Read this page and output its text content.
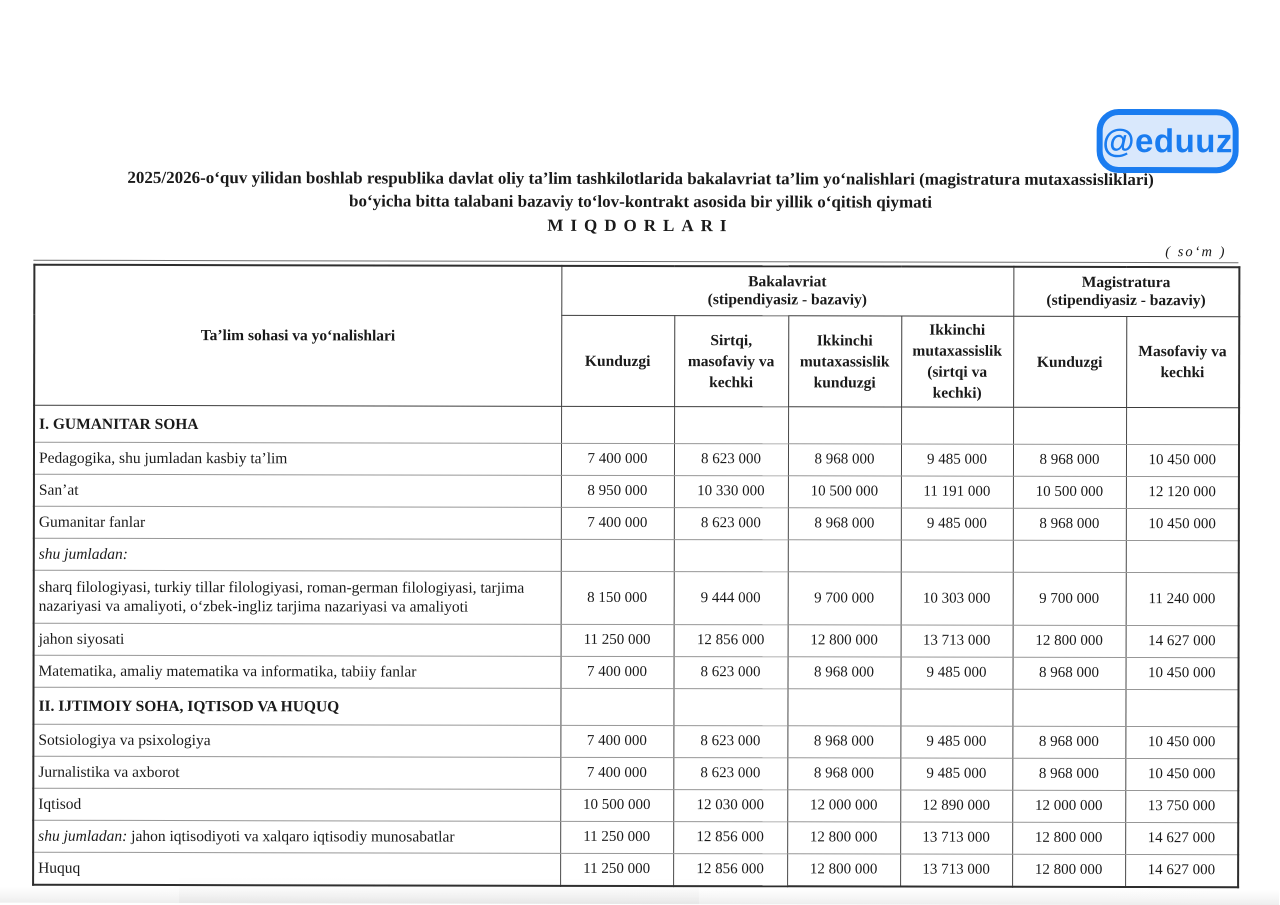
@eduuz
2025/2026-o‘quv yilidan boshlab respublika davlat oliy ta’lim tashkilotlarida bakalavriat ta’lim yo‘nalishlari (magistratura mutaxassisliklari)
bo‘yicha bitta talabani bazaviy to‘lov-kontrakt asosida bir yillik o‘qitish qiymati
MIQDORLARI
( so‘m )
Ta’lim sohasi va yo‘nalishlari	
Bakalavriat
(stipendiyasiz - bazaviy)

Magistratura
(stipendiyasiz - bazaviy)

	Kunduzgi	Sirtqi, masofaviy va kechki	Ikkinchi mutaxassislik kunduzgi	Ikkinchi mutaxassislik (sirtqi va kechki)	Kunduzgi	Masofaviy va kechki
I. GUMANITAR SOHA						
Pedagogika, shu jumladan kasbiy ta’lim	7 400 000	8 623 000	8 968 000	9 485 000	8 968 000	10 450 000
San’at	8 950 000	10 330 000	10 500 000	11 191 000	10 500 000	12 120 000
Gumanitar fanlar	7 400 000	8 623 000	8 968 000	9 485 000	8 968 000	10 450 000
shu jumladan:						
sharq filologiyasi, turkiy tillar filologiyasi, roman-german filologiyasi, tarjima nazariyasi va amaliyoti, o‘zbek-ingliz tarjima nazariyasi va amaliyoti	8 150 000	9 444 000	9 700 000	10 303 000	9 700 000	11 240 000
jahon siyosati	11 250 000	12 856 000	12 800 000	13 713 000	12 800 000	14 627 000
Matematika, amaliy matematika va informatika, tabiiy fanlar	7 400 000	8 623 000	8 968 000	9 485 000	8 968 000	10 450 000
II. IJTIMOIY SOHA, IQTISOD VA HUQUQ						
Sotsiologiya va psixologiya	7 400 000	8 623 000	8 968 000	9 485 000	8 968 000	10 450 000
Jurnalistika va axborot	7 400 000	8 623 000	8 968 000	9 485 000	8 968 000	10 450 000
Iqtisod	10 500 000	12 030 000	12 000 000	12 890 000	12 000 000	13 750 000
shu jumladan: jahon iqtisodiyoti va xalqaro iqtisodiy munosabatlar	11 250 000	12 856 000	12 800 000	13 713 000	12 800 000	14 627 000
Huquq	11 250 000	12 856 000	12 800 000	13 713 000	12 800 000	14 627 000
